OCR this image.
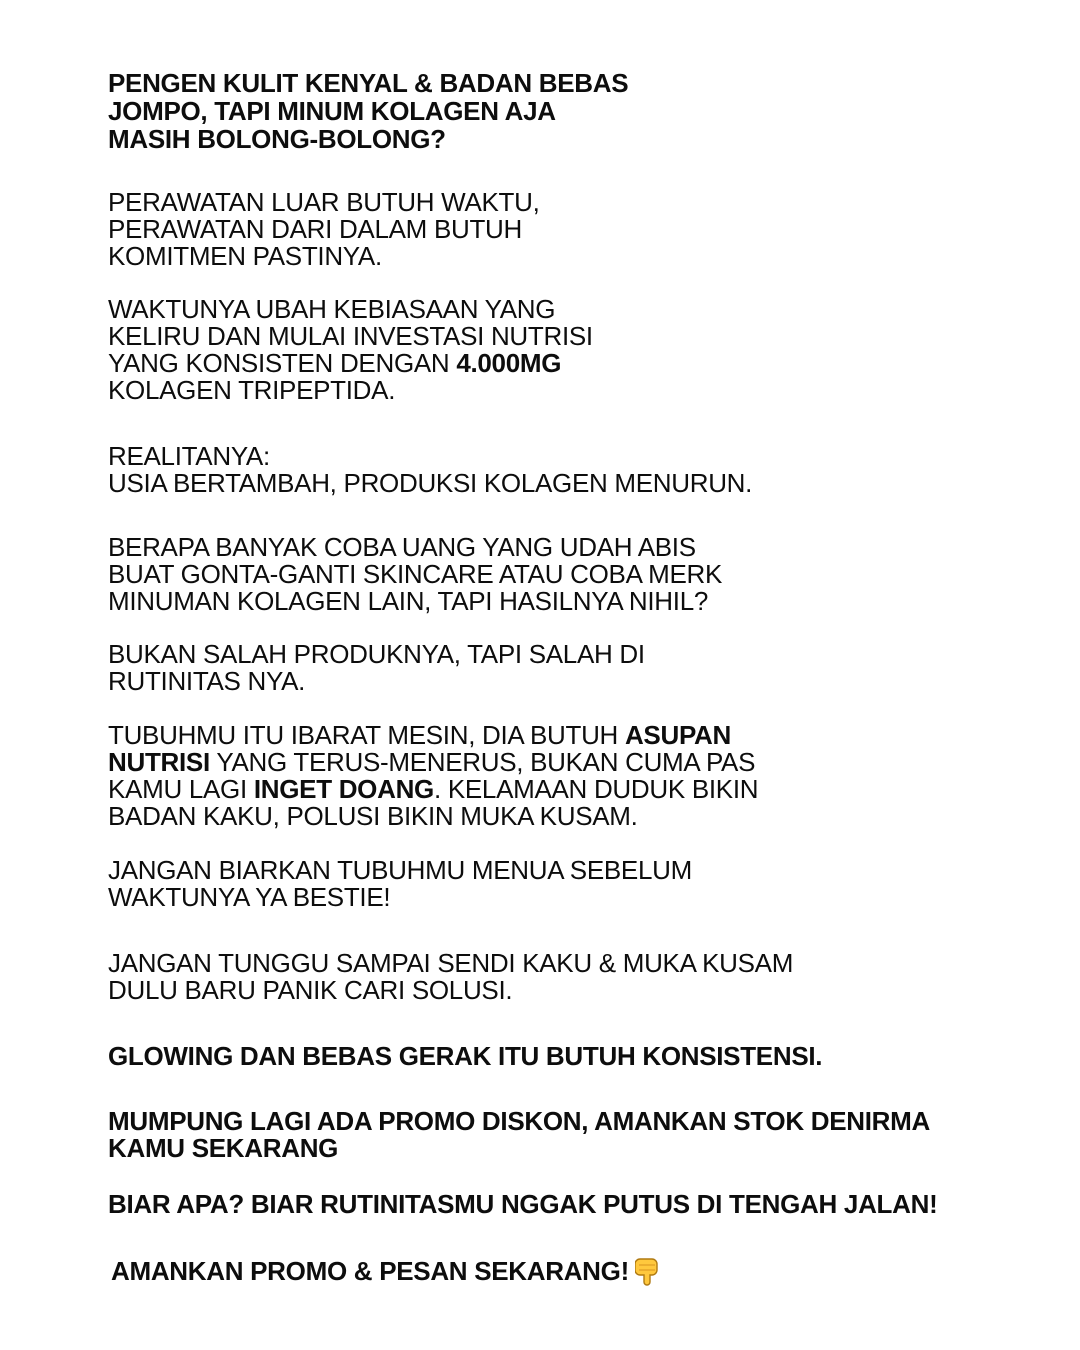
PENGEN KULIT KENYAL & BADAN BEBAS
JOMPO, TAPI MINUM KOLAGEN AJA
MASIH BOLONG-BOLONG?

PERAWATAN LUAR BUTUH WAKTU,
PERAWATAN DARI DALAM BUTUH
KOMITMEN PASTINYA.

WAKTUNYA UBAH KEBIASAAN YANG
KELIRU DAN MULAI INVESTASI NUTRISI
YANG KONSISTEN DENGAN 4.000MG
KOLAGEN TRIPEPTIDA.

REALITANYA:
USIA BERTAMBAH, PRODUKSI KOLAGEN MENURUN.

BERAPA BANYAK COBA UANG YANG UDAH ABIS
BUAT GONTA-GANTI SKINCARE ATAU COBA MERK
MINUMAN KOLAGEN LAIN, TAPI HASILNYA NIHIL?

BUKAN SALAH PRODUKNYA, TAPI SALAH DI
RUTINITAS NYA.

TUBUHMU ITU IBARAT MESIN, DIA BUTUH ASUPAN
NUTRISI YANG TERUS-MENERUS, BUKAN CUMA PAS
KAMU LAGI INGET DOANG. KELAMAAN DUDUK BIKIN
BADAN KAKU, POLUSI BIKIN MUKA KUSAM.

JANGAN BIARKAN TUBUHMU MENUA SEBELUM
WAKTUNYA YA BESTIE!

JANGAN TUNGGU SAMPAI SENDI KAKU & MUKA KUSAM
DULU BARU PANIK CARI SOLUSI.

GLOWING DAN BEBAS GERAK ITU BUTUH KONSISTENSI.

MUMPUNG LAGI ADA PROMO DISKON, AMANKAN STOK DENIRMA
KAMU SEKARANG

BIAR APA? BIAR RUTINITASMU NGGAK PUTUS DI TENGAH JALAN!

AMANKAN PROMO & PESAN SEKARANG!
